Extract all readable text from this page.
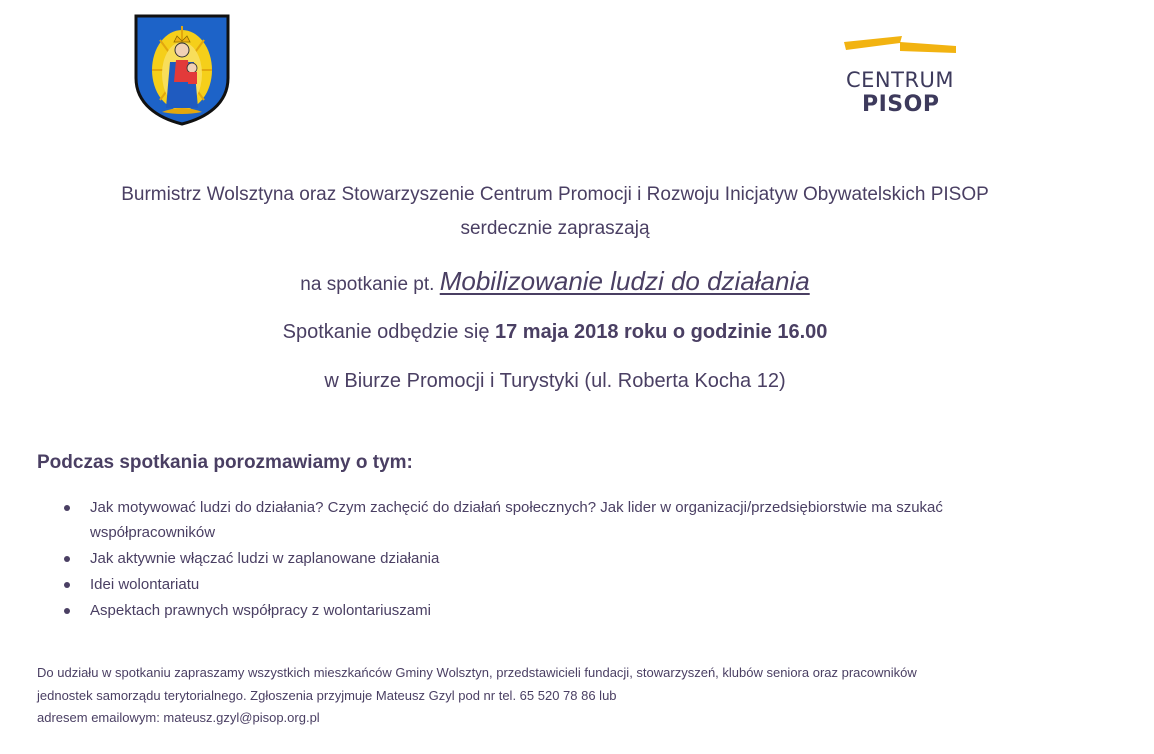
CENTRUM
PISOP
Burmistrz Wolsztyna oraz Stowarzyszenie Centrum Promocji i Rozwoju Inicjatyw Obywatelskich PISOP
serdecznie zapraszają
na spotkanie pt. Mobilizowanie ludzi do działania
Spotkanie odbędzie się 17 maja 2018 roku o godzinie 16.00
w Biurze Promocji i Turystyki (ul. Roberta Kocha 12)
Podczas spotkania porozmawiamy o tym:
Jak motywować ludzi do działania? Czym zachęcić do działań społecznych? Jak lider w organizacji/przedsiębiorstwie ma szukać współpracowników
Jak aktywnie włączać ludzi w zaplanowane działania
Idei wolontariatu
Aspektach prawnych współpracy z wolontariuszami

Do udziału w spotkaniu zapraszamy wszystkich mieszkańców Gminy Wolsztyn, przedstawicieli fundacji, stowarzyszeń, klubów seniora oraz pracowników

jednostek samorządu terytorialnego. Zgłoszenia przyjmuje Mateusz Gzyl pod nr tel. 65 520 78 86 lub

adresem emailowym: mateusz.gzyl@pisop.org.pl
